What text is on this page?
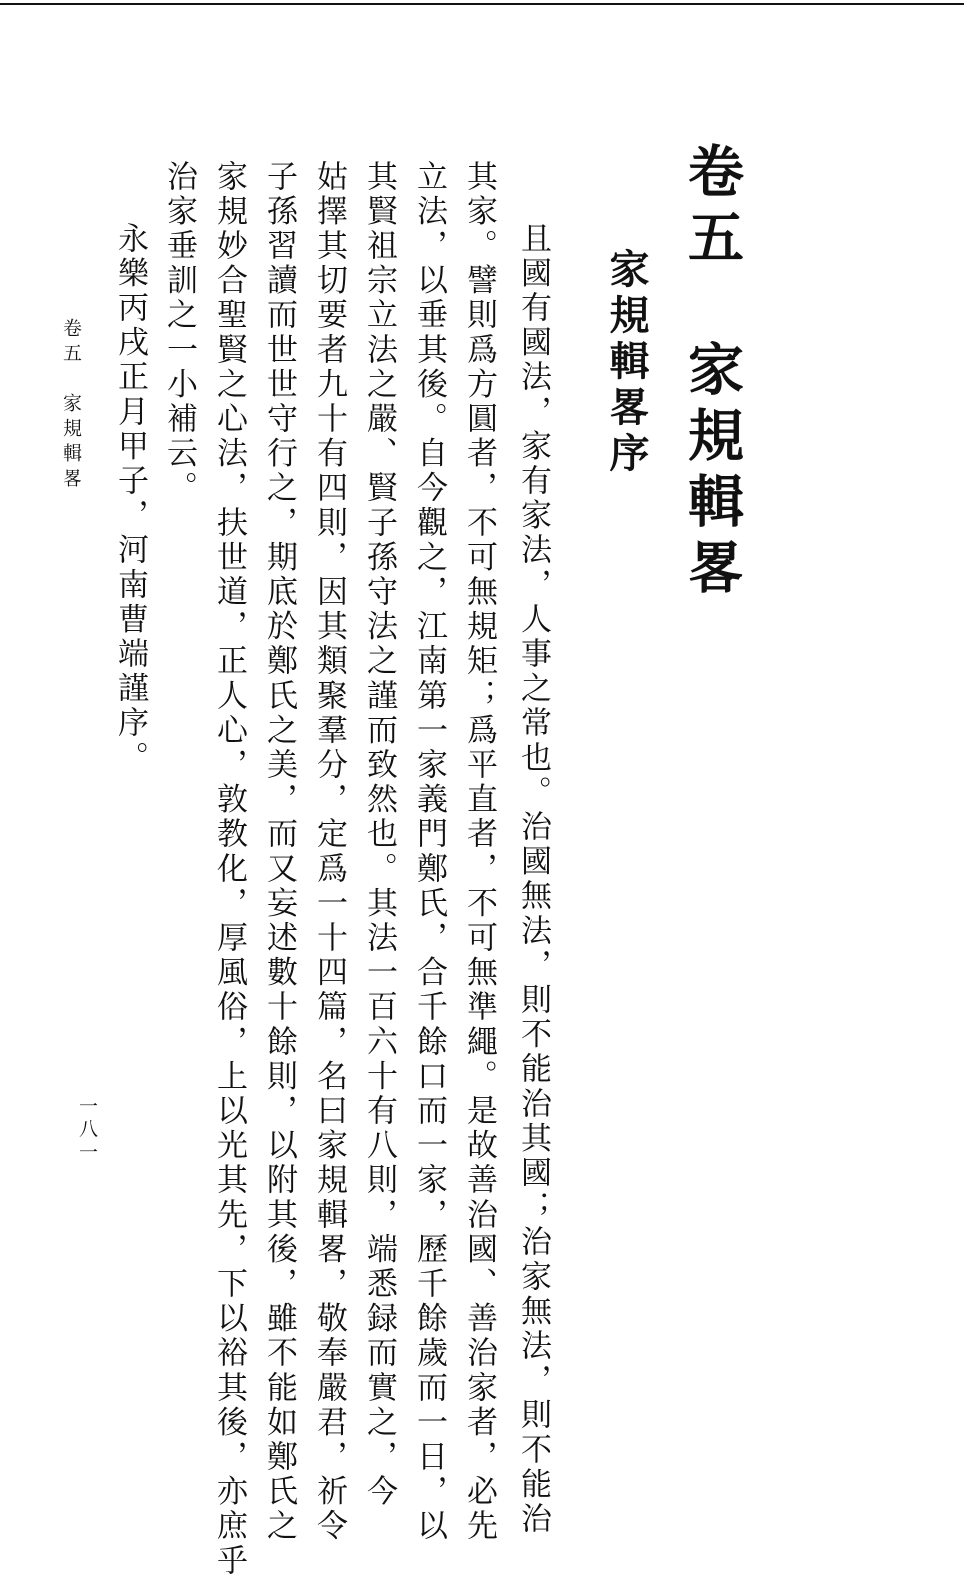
卷五　家規輯畧
家規輯畧序
且國有國法，家有家法，人事之常也。治國無法，則不能治其國；治家無法，則不能治
其家。譬則爲方圓者，不可無規矩；爲平直者，不可無準繩。是故善治國、善治家者，必先
立法，以垂其後。自今觀之，江南第一家義門鄭氏，合千餘口而一家，歷千餘歲而一日，以
其賢祖宗立法之嚴、賢子孫守法之謹而致然也。其法一百六十有八則，端悉録而實之，今
姑擇其切要者九十有四則，因其類聚羣分，定爲一十四篇，名曰家規輯畧，敬奉嚴君，祈令
子孫習讀而世世守行之，期底於鄭氏之美，而又妄述數十餘則，以附其後，雖不能如鄭氏之
家規妙合聖賢之心法，扶世道，正人心，敦教化，厚風俗，上以光其先，下以裕其後，亦庶乎
治家垂訓之一小補云。
永樂丙戌正月甲子，河南曹端謹序。
卷五　家規輯畧
一八一
